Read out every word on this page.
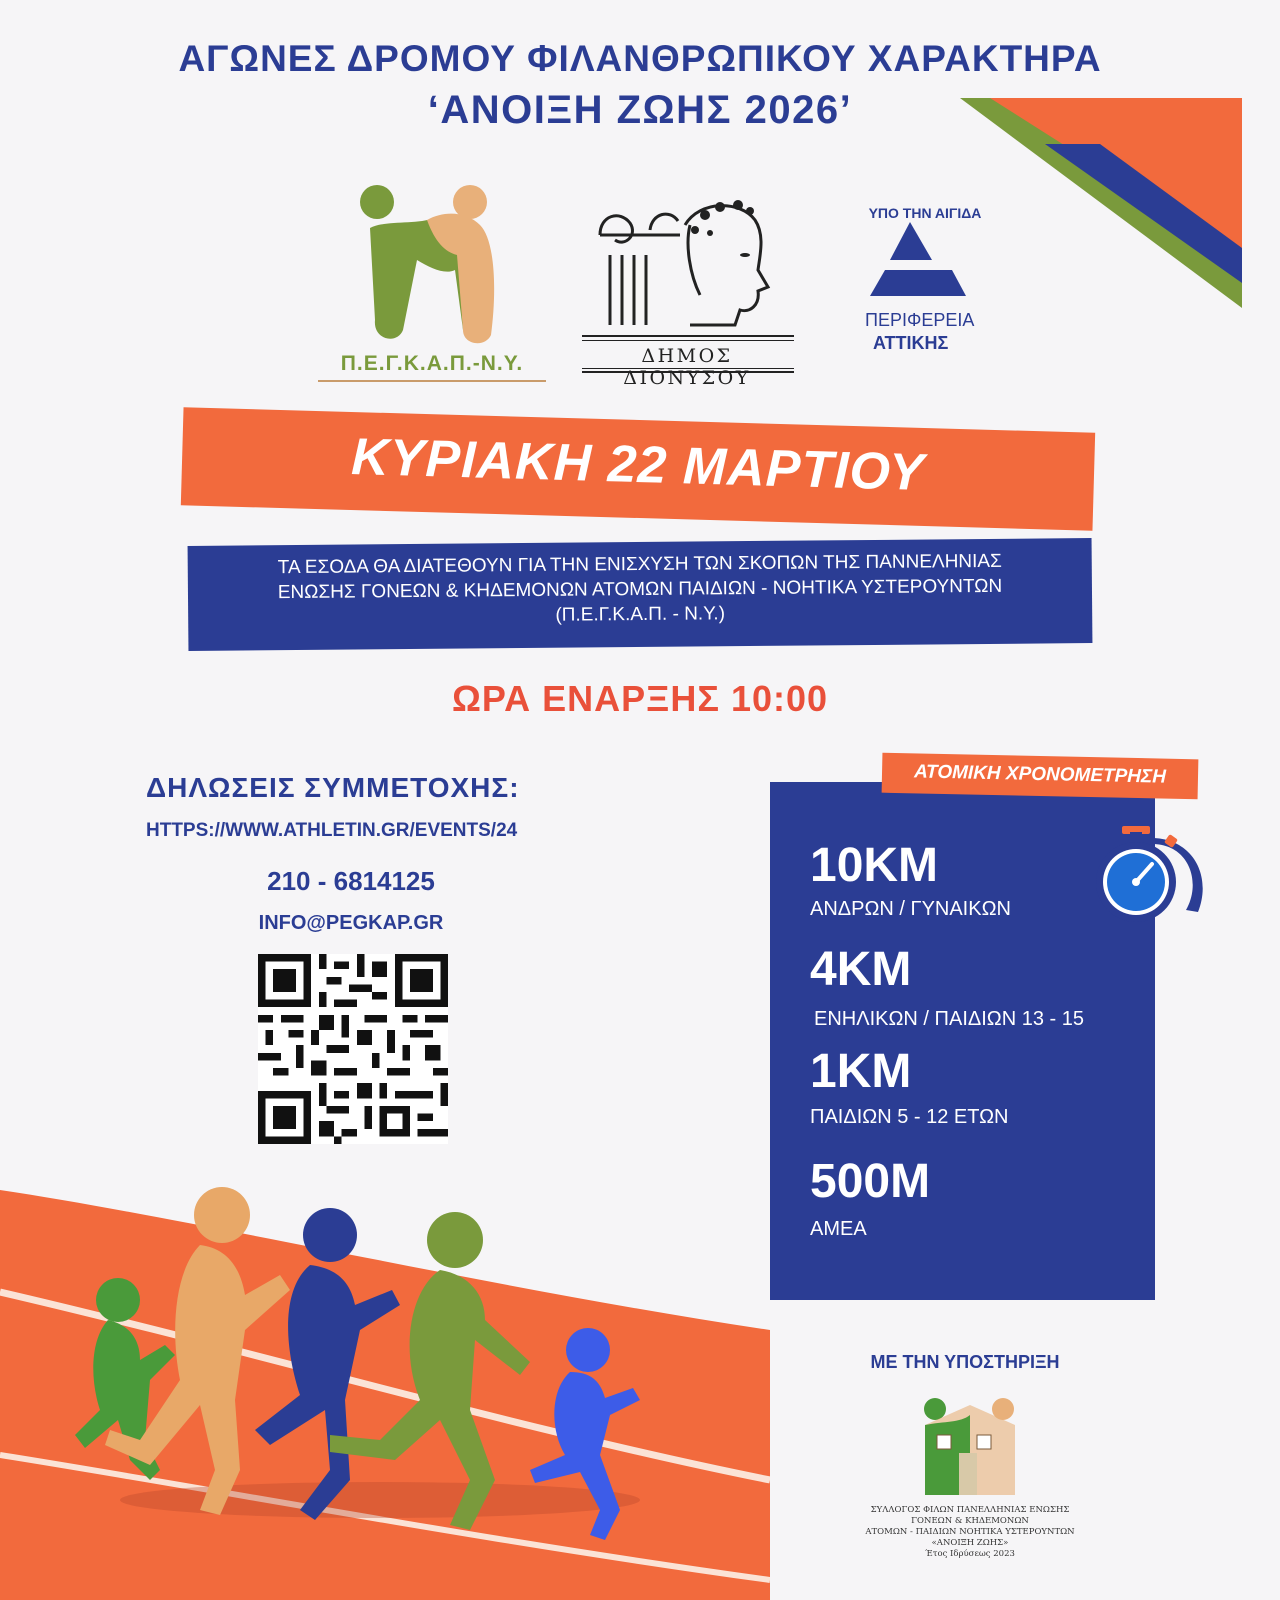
ΑΓΩΝΕΣ ΔΡΟΜΟΥ ΦΙΛΑΝΘΡΩΠΙΚΟΥ ΧΑΡΑΚΤΗΡΑ
‘ΑΝΟΙΞΗ ΖΩΗΣ 2026’
Π.Ε.Γ.Κ.Α.Π.-Ν.Υ.	ΔΗΜΟΣ ΔΙΟΝΥΣΟΥ
ΥΠΟ ΤΗΝ ΑΙΓΙΔΑ
ΠΕΡΙΦΕΡΕΙΑ
ΑΤΤΙΚΗΣ
ΚΥΡΙΑΚΗ 22 ΜΑΡΤΙΟΥ
ΤΑ ΕΣΟΔΑ ΘΑ ΔΙΑΤΕΘΟΥΝ ΓΙΑ ΤΗΝ ΕΝΙΣΧΥΣΗ ΤΩΝ ΣΚΟΠΩΝ ΤΗΣ ΠΑΝΝΕΛΗΝΙΑΣ
ΕΝΩΣΗΣ ΓΟΝΕΩΝ & ΚΗΔΕΜΟΝΩΝ ΑΤΟΜΩΝ ΠΑΙΔΙΩΝ - ΝΟΗΤΙΚΑ ΥΣΤΕΡΟΥΝΤΩΝ
(Π.Ε.Γ.Κ.Α.Π. - Ν.Υ.)
ΩΡΑ ΕΝΑΡΞΗΣ 10:00
ΔΗΛΩΣΕΙΣ ΣΥΜΜΕΤΟΧΗΣ:
HTTPS://WWW.ATHLETIN.GR/EVENTS/24
210 - 6814125
INFO@PEGKAP.GR
10KM
ΑΝΔΡΩΝ / ΓΥΝΑΙΚΩΝ
4KM
ΕΝΗΛΙΚΩΝ / ΠΑΙΔΙΩΝ 13 - 15
1KM
ΠΑΙΔΙΩΝ 5 - 12 ΕΤΩΝ
500M
ΑΜΕΑ
ΑΤΟΜΙΚΗ ΧΡΟΝΟΜΕΤΡΗΣΗ
ΜΕ ΤΗΝ ΥΠΟΣΤΗΡΙΞΗ
ΣΥΛΛΟΓΟΣ ΦΙΛΩΝ ΠΑΝΕΛΛΗΝΙΑΣ ΕΝΩΣΗΣ
ΓΟΝΕΩΝ & ΚΗΔΕΜΟΝΩΝ
ΑΤΟΜΩΝ - ΠΑΙΔΙΩΝ ΝΟΗΤΙΚΑ ΥΣΤΕΡΟΥΝΤΩΝ
«ΑΝΟΙΞΗ ΖΩΗΣ»
Έτος Ιδρύσεως 2023
